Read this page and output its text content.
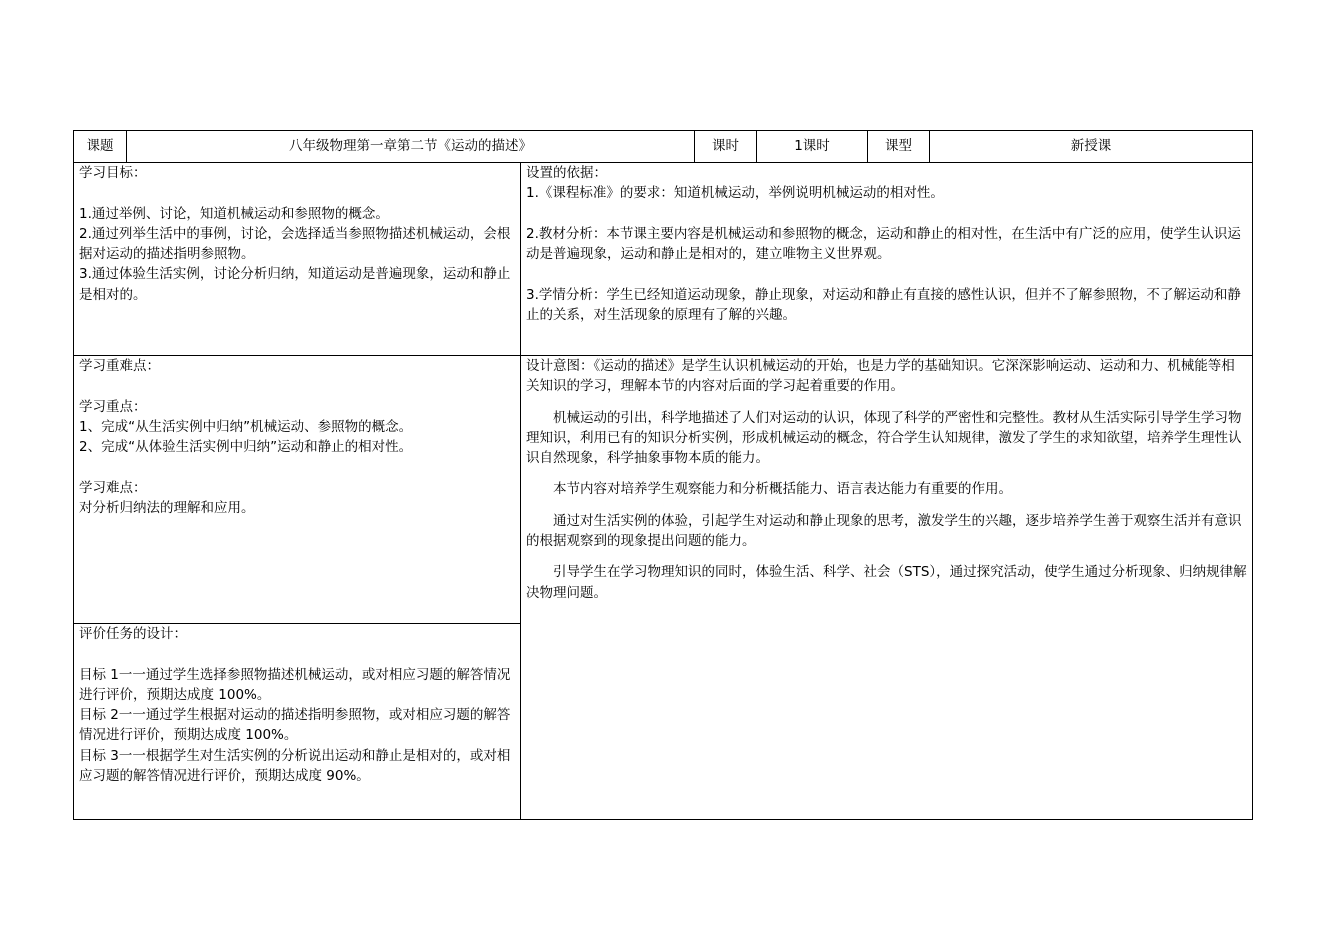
课题	八年级物理第一章第二节《运动的描述》	课时	1课时	课型	新授课
学习目标：

1.通过举例、讨论，知道机械运动和参照物的概念。

2.通过列举生活中的事例，讨论，会选择适当参照物描述机械运动，会根据对运动的描述指明参照物。

3.通过体验生活实例，讨论分析归纳，知道运动是普遍现象，运动和静止是相对的。

设置的依据：

1.《课程标准》的要求：知道机械运动，举例说明机械运动的相对性。

2.教材分析：本节课主要内容是机械运动和参照物的概念，运动和静止的相对性，在生活中有广泛的应用，使学生认识运动是普遍现象，运动和静止是相对的，建立唯物主义世界观。

3.学情分析：学生已经知道运动现象，静止现象，对运动和静止有直接的感性认识，但并不了解参照物，不了解运动和静止的关系，对生活现象的原理有了解的兴趣。

学习重难点：
学习重点：

1、完成“从生活实例中归纳”机械运动、参照物的概念。

2、完成“从体验生活实例中归纳”运动和静止的相对性。

学习难点：

对分析归纳法的理解和应用。

评价任务的设计：

目标 1一一通过学生选择参照物描述机械运动，或对相应习题的解答情况进行评价，预期达成度 100%。

目标 2一一通过学生根据对运动的描述指明参照物，或对相应习题的解答情况进行评价，预期达成度 100%。

目标 3一一根据学生对生活实例的分析说出运动和静止是相对的，或对相应习题的解答情况进行评价，预期达成度 90%。

设计意图：《运动的描述》是学生认识机械运动的开始，也是力学的基础知识。它深深影响运动、运动和力、机械能等相关知识的学习，理解本节的内容对后面的学习起着重要的作用。

机械运动的引出，科学地描述了人们对运动的认识，体现了科学的严密性和完整性。教材从生活实际引导学生学习物理知识，利用已有的知识分析实例，形成机械运动的概念，符合学生认知规律，激发了学生的求知欲望，培养学生理性认识自然现象，科学抽象事物本质的能力。

本节内容对培养学生观察能力和分析概括能力、语言表达能力有重要的作用。

通过对生活实例的体验，引起学生对运动和静止现象的思考，激发学生的兴趣，逐步培养学生善于观察生活并有意识的根据观察到的现象提出问题的能力。

引导学生在学习物理知识的同时，体验生活、科学、社会（STS），通过探究活动，使学生通过分析现象、归纳规律解决物理问题。
